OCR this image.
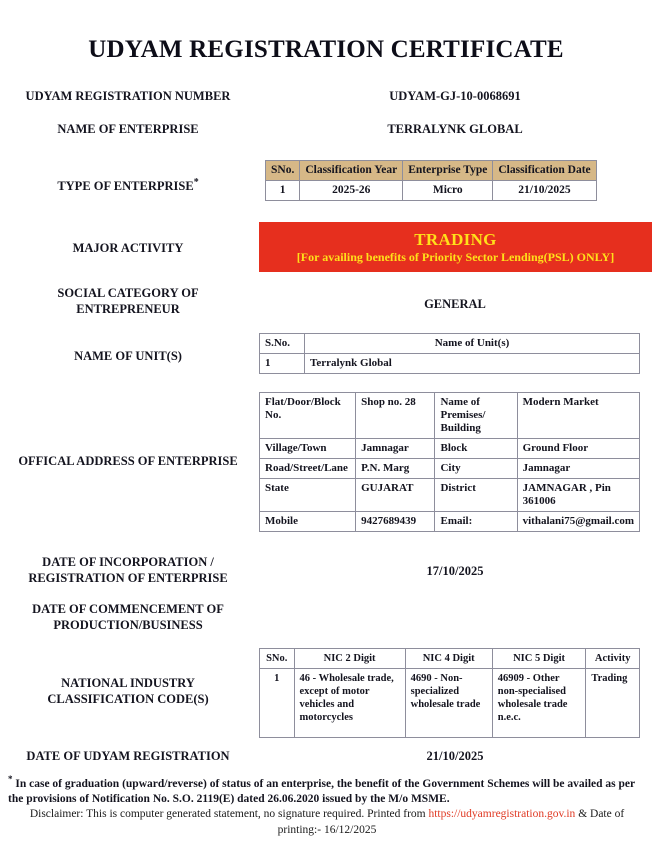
UDYAM REGISTRATION CERTIFICATE
UDYAM REGISTRATION NUMBER	UDYAM-GJ-10-0068691
NAME OF ENTERPRISE	TERRALYNK GLOBAL
TYPE OF ENTERPRISE*
SNo.	Classification Year	Enterprise Type	Classification Date
1	2025-26	Micro	21/10/2025
MAJOR ACTIVITY	TRADING
[For availing benefits of Priority Sector Lending(PSL) ONLY]
SOCIAL CATEGORY OF
ENTREPRENEUR	GENERAL
NAME OF UNIT(S)
S.No.	Name of Unit(s)
1	Terralynk Global
OFFICAL ADDRESS OF ENTERPRISE
Flat/Door/Block No.	Shop no. 28	Name of Premises/ Building	Modern Market
Village/Town	Jamnagar	Block	Ground Floor
Road/Street/Lane	P.N. Marg	City	Jamnagar
State	GUJARAT	District	JAMNAGAR , Pin 361006
Mobile	9427689439	Email:	vithalani75@gmail.com
DATE OF INCORPORATION /
REGISTRATION OF ENTERPRISE	17/10/2025
DATE OF COMMENCEMENT OF
PRODUCTION/BUSINESS
NATIONAL INDUSTRY
CLASSIFICATION CODE(S)
SNo.	NIC 2 Digit	NIC 4 Digit	NIC 5 Digit	Activity
1	46 - Wholesale trade, except of motor vehicles and motorcycles	4690 - Non-specialized wholesale trade	46909 - Other non-specialised wholesale trade n.e.c.	Trading
DATE OF UDYAM REGISTRATION	21/10/2025
* In case of graduation (upward/reverse) of status of an enterprise, the benefit of the Government Schemes will be availed as per the provisions of Notification No. S.O. 2119(E) dated 26.06.2020 issued by the M/o MSME.
Disclaimer: This is computer generated statement, no signature required. Printed from https://udyamregistration.gov.in & Date of printing:- 16/12/2025
